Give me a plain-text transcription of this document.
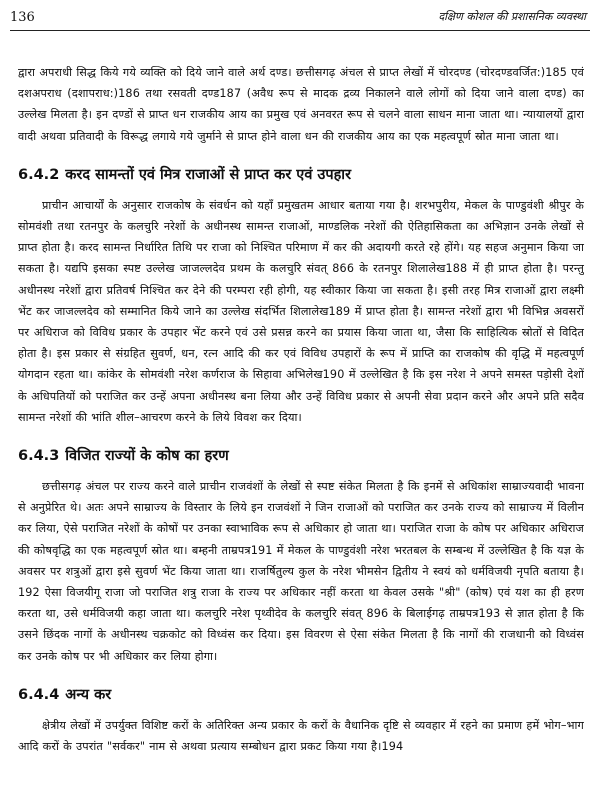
136	दक्षिण कोशल की प्रशासनिक व्यवस्था

द्वारा अपराधी सिद्ध किये गये व्यक्ति को दिये जाने वाले अर्थ दण्ड। छत्तीसगढ़ अंचल से प्राप्त लेखों में चोरदण्ड (चोरदण्डवर्जित:)185 एवं दशअपराध (दशापराध:)186 तथा रसवती दण्ड187 (अवैध रूप से मादक द्रव्य निकालने वाले लोगों को दिया जाने वाला दण्ड) का उल्लेख मिलता है। इन दण्डों से प्राप्त धन राजकीय आय का प्रमुख एवं अनवरत रूप से चलने वाला साधन माना जाता था। न्यायालयों द्वारा वादी अथवा प्रतिवादी के विरूद्ध लगाये गये जुर्माने से प्राप्त होने वाला धन की राजकीय आय का एक महत्वपूर्ण स्रोत माना जाता था।

6.4.2 करद सामन्तों एवं मित्र राजाओं से प्राप्त कर एवं उपहार

प्राचीन आचार्यों के अनुसार राजकोष के संवर्धन को यहाँ प्रमुखतम आधार बताया गया है। शरभपुरीय, मेकल के पाण्डुवंशी श्रीपुर के सोमवंशी तथा रतनपुर के कलचुरि नरेशों के अधीनस्थ सामन्त राजाओं, माण्डलिक नरेशों की ऐतिहासिकता का अभिज्ञान उनके लेखों से प्राप्त होता है। करद सामन्त निर्धारित तिथि पर राजा को निश्चित परिमाण में कर की अदायगी करते रहे होंगे। यह सहज अनुमान किया जा सकता है। यद्यपि इसका स्पष्ट उल्लेख जाजल्लदेव प्रथम के कलचुरि संवत् 866 के रतनपुर शिलालेख188 में ही प्राप्त होता है। परन्तु अधीनस्थ नरेशों द्वारा प्रतिवर्ष निश्चित कर देने की परम्परा रही होगी, यह स्वीकार किया जा सकता है। इसी तरह मित्र राजाओं द्वारा लक्ष्मी भेंट कर जाजल्लदेव को सम्मानित किये जाने का उल्लेख संदर्भित शिलालेख189 में प्राप्त होता है। सामन्त नरेशों द्वारा भी विभिन्न अवसरों पर अधिराज को विविध प्रकार के उपहार भेंट करने एवं उसे प्रसन्न करने का प्रयास किया जाता था, जैसा कि साहित्यिक स्रोतों से विदित होता है। इस प्रकार से संग्रहित सुवर्ण, धन, रत्न आदि की कर एवं विविध उपहारों के रूप में प्राप्ति का राजकोष की वृद्धि में महत्वपूर्ण योगदान रहता था। कांकेर के सोमवंशी नरेश कर्णराज के सिहावा अभिलेख190 में उल्लेखित है कि इस नरेश ने अपने समस्त पड़ोसी देशों के अधिपतियों को पराजित कर उन्हें अपना अधीनस्थ बना लिया और उन्हें विविध प्रकार से अपनी सेवा प्रदान करने और अपने प्रति सदैव सामन्त नरेशों की भांति शील–आचरण करने के लिये विवश कर दिया।

6.4.3 विजित राज्यों के कोष का हरण

छत्तीसगढ़ अंचल पर राज्य करने वाले प्राचीन राजवंशों के लेखों से स्पष्ट संकेत मिलता है कि इनमें से अधिकांश साम्राज्यवादी भावना से अनुप्रेरित थे। अतः अपने साम्राज्य के विस्तार के लिये इन राजवंशों ने जिन राजाओं को पराजित कर उनके राज्य को साम्राज्य में विलीन कर लिया, ऐसे पराजित नरेशों के कोषों पर उनका स्वाभाविक रूप से अधिकार हो जाता था। पराजित राजा के कोष पर अधिकार अधिराज की कोषवृद्धि का एक महत्वपूर्ण स्रोत था। बम्हनी ताम्रपत्र191 में मेकल के पाण्डुवंशी नरेश भरतबल के सम्बन्ध में उल्लेखित है कि यज्ञ के अवसर पर शत्रुओं द्वारा इसे सुवर्ण भेंट किया जाता था। राजर्षितुल्य कुल के नरेश भीमसेन द्वितीय ने स्वयं को धर्मविजयी नृपति बताया है।192 ऐसा विजयीगू राजा जो पराजित शत्रु राजा के राज्य पर अधिकार नहीं करता था केवल उसके "श्री" (कोष) एवं यश का ही हरण करता था, उसे धर्मविजयी कहा जाता था। कलचुरि नरेश पृथ्वीदेव के कलचुरि संवत् 896 के बिलाईगढ़ ताम्रपत्र193 से ज्ञात होता है कि उसने छिंदक नागों के अधीनस्थ चक्रकोट को विध्वंस कर दिया। इस विवरण से ऐसा संकेत मिलता है कि नागों की राजधानी को विध्वंस कर उनके कोष पर भी अधिकार कर लिया होगा।

6.4.4 अन्य कर

क्षेत्रीय लेखों में उपर्युक्त विशिष्ट करों के अतिरिक्त अन्य प्रकार के करों के वैधानिक दृष्टि से व्यवहार में रहने का प्रमाण हमें भोग–भाग आदि करों के उपरांत "सर्वकर" नाम से अथवा प्रत्याय सम्बोधन द्वारा प्रकट किया गया है।194
